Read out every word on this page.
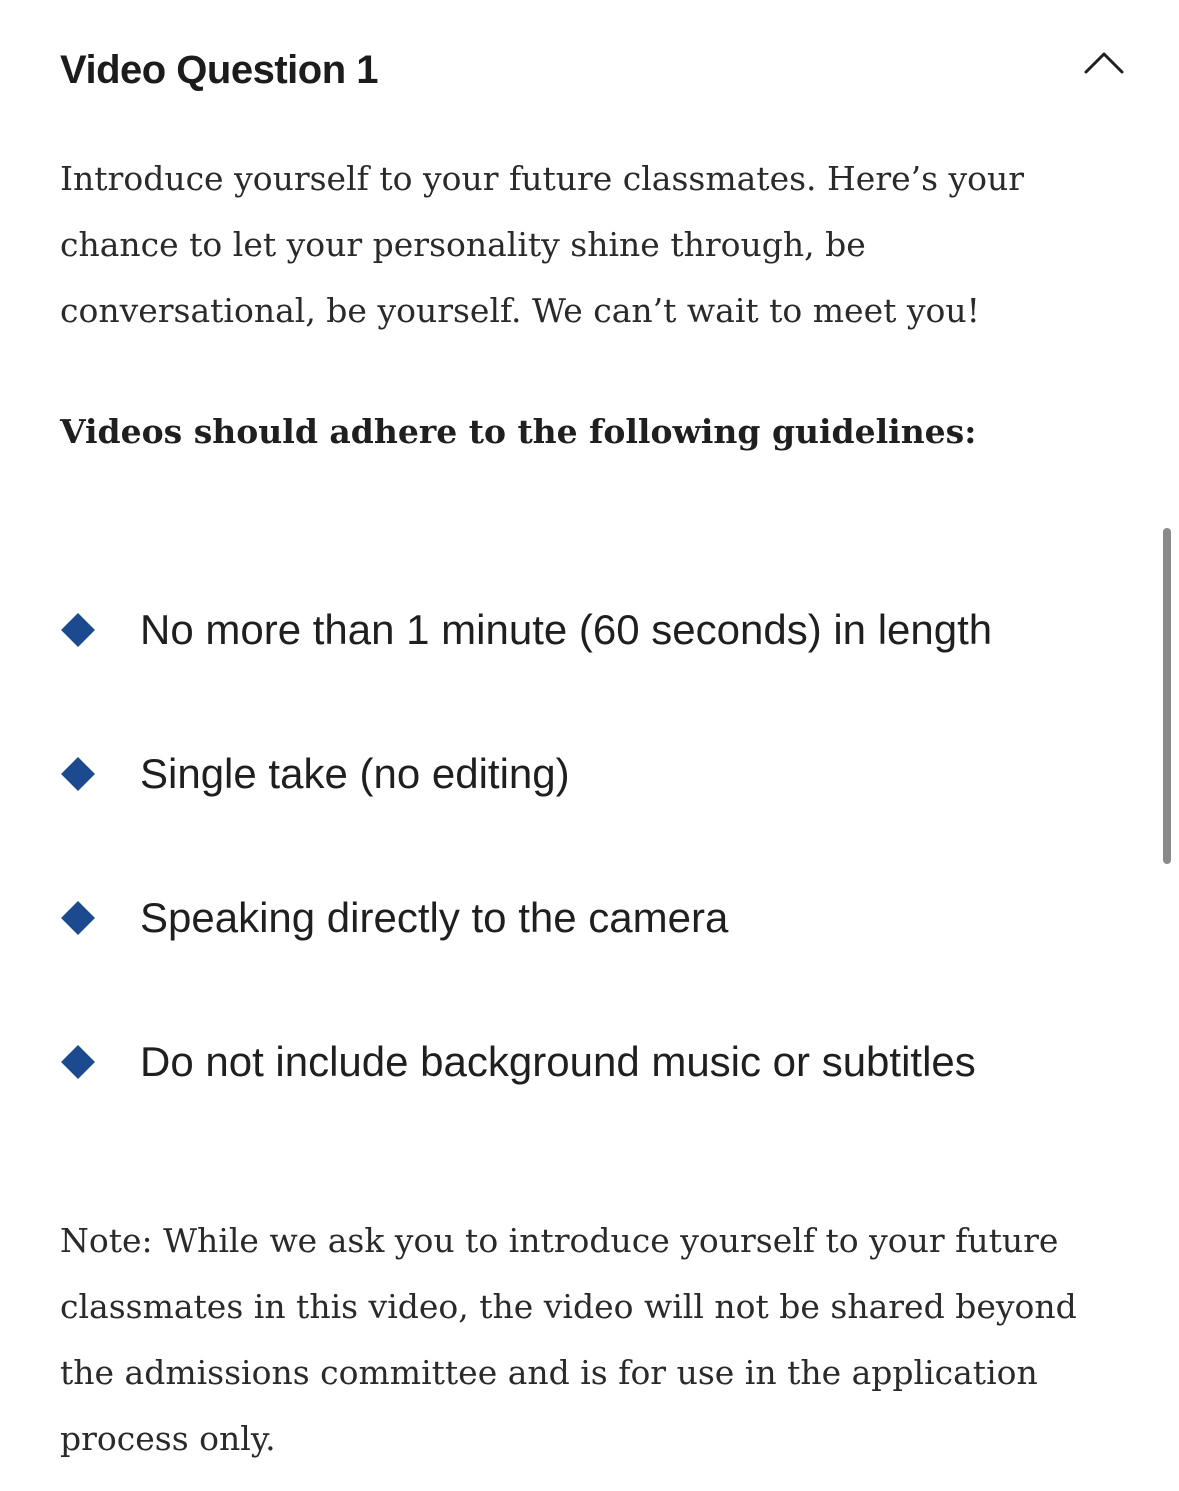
Video Question 1

Introduce yourself to your future classmates. Here’s your chance to let your personality shine through, be conversational, be yourself. We can’t wait to meet you!

Videos should adhere to the following guidelines:

No more than 1 minute (60 seconds) in length
Single take (no editing)
Speaking directly to the camera
Do not include background music or subtitles

Note: While we ask you to introduce yourself to your future classmates in this video, the video will not be shared beyond the admissions committee and is for use in the application process only.
